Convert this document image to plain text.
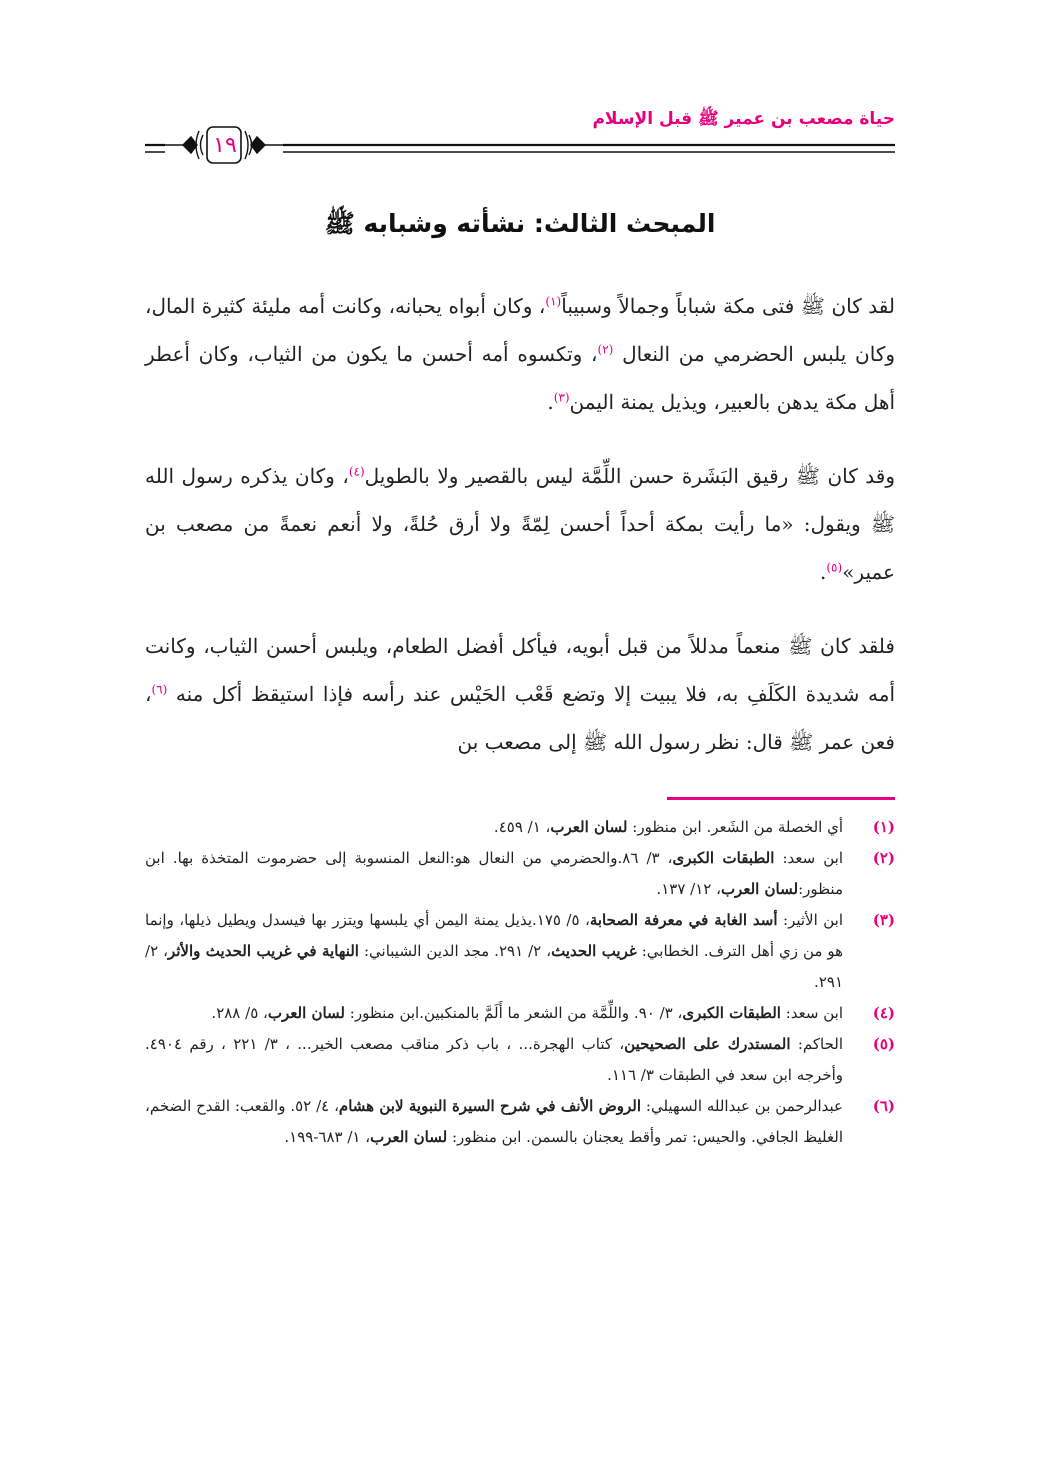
حياة مصعب بن عمير ﷺ قبل الإسلام
١٩
المبحث الثالث: نشأته وشبابه ﷺ

لقد كان ﷺ فتى مكة شباباً وجمالاً وسبيباً$^{(١)}$، وكان أبواه يحبانه، وكانت أمه مليئة كثيرة المال، وكان يلبس الحضرمي من النعال $^{(٢)}$، وتكسوه أمه أحسن ما يكون من الثياب، وكان أعطر أهل مكة يدهن بالعبير، ويذيل يمنة اليمن$^{(٣)}$.

وقد كان ﷺ رقيق البَشَرة حسن اللِّمَّة ليس بالقصير ولا بالطويل$^{(٤)}$، وكان يذكره رسول الله ﷺ ويقول: «ما رأيت بمكة أحداً أحسن لِمّةً ولا أرق حُلةً، ولا أنعم نعمةً من مصعب بن عمير»$^{(٥)}$.

فلقد كان ﷺ منعماً مدللاً من قبل أبويه، فيأكل أفضل الطعام، ويلبس أحسن الثياب، وكانت أمه شديدة الكَلَفِ به، فلا يبيت إلا وتضع قَعْب الحَيْس عند رأسه فإذا استيقظ أكل منه $^{(٦)}$، فعن عمر ﷺ قال: نظر رسول الله ﷺ إلى مصعب بن

(١)
أي الخصلة من الشَعر. ابن منظور: لسان العرب، ١/ ٤٥٩.
(٢)
ابن سعد: الطبقات الكبرى، ٣/ ٨٦.والحضرمي من النعال هو:النعل المنسوبة إلى حضرموت المتخذة بها. ابن منظور:لسان العرب، ١٢/ ١٣٧.
(٣)
ابن الأثير: أسد الغابة في معرفة الصحابة، ٥/ ١٧٥.يذيل يمنة اليمن أي يلبسها ويتزر بها فيسدل ويطيل ذيلها، وإنما هو من زي أهل الترف. الخطابي: غريب الحديث، ٢/ ٢٩١. مجد الدين الشيباني: النهاية في غريب الحديث والأثر، ٢/ ٢٩١.
(٤)
ابن سعد: الطبقات الكبرى، ٣/ ٩٠. واللِّمَّة من الشعر ما أَلَمَّ بالمنكبين.ابن منظور: لسان العرب، ٥/ ٢٨٨.
(٥)
الحاكم: المستدرك على الصحيحين، كتاب الهجرة... ، باب ذكر مناقب مصعب الخير... ، ٣/ ٢٢١ ، رقم ٤٩٠٤. وأخرجه ابن سعد في الطبقات ٣/ ١١٦.
(٦)
عبدالرحمن بن عبدالله السهيلي: الروض الأنف في شرح السيرة النبوية لابن هشام، ٤/ ٥٢. والقعب: القدح الضخم، الغليظ الجافي. والحيس: تمر وأقط يعجنان بالسمن. ابن منظور: لسان العرب، ١/ ٦٨٣-١٩٩.
